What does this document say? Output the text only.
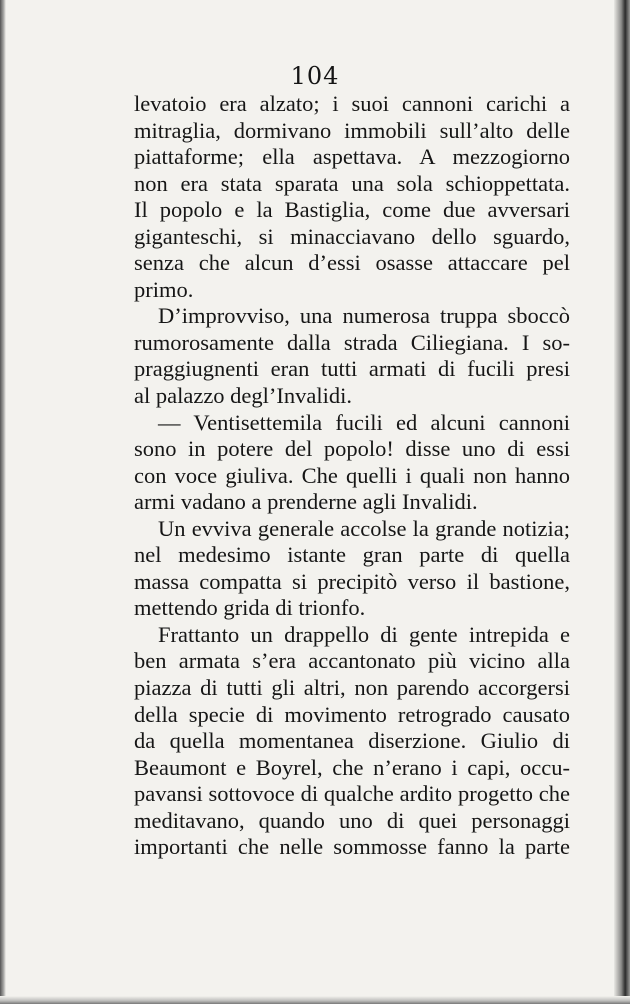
104
levatoio era alzato; i suoi cannoni carichi a
mitraglia, dormivano immobili sull’alto delle
piattaforme; ella aspettava. A mezzogiorno
non era stata sparata una sola schioppettata.
Il popolo e la Bastiglia, come due avversari
giganteschi, si minacciavano dello sguardo,
senza che alcun d’essi osasse attaccare pel
primo.
D’improvviso, una numerosa truppa sboccò
rumorosamente dalla strada Ciliegiana. I so-
praggiugnenti eran tutti armati di fucili presi
al palazzo degl’Invalidi.
— Ventisettemila fucili ed alcuni cannoni
sono in potere del popolo! disse uno di essi
con voce giuliva. Che quelli i quali non hanno
armi vadano a prenderne agli Invalidi.
Un evviva generale accolse la grande notizia;
nel medesimo istante gran parte di quella
massa compatta si precipitò verso il bastione,
mettendo grida di trionfo.
Frattanto un drappello di gente intrepida e
ben armata s’era accantonato più vicino alla
piazza di tutti gli altri, non parendo accorgersi
della specie di movimento retrogrado causato
da quella momentanea diserzione. Giulio di
Beaumont e Boyrel, che n’erano i capi, occu-
pavansi sottovoce di qualche ardito progetto che
meditavano, quando uno di quei personaggi
importanti che nelle sommosse fanno la parte
